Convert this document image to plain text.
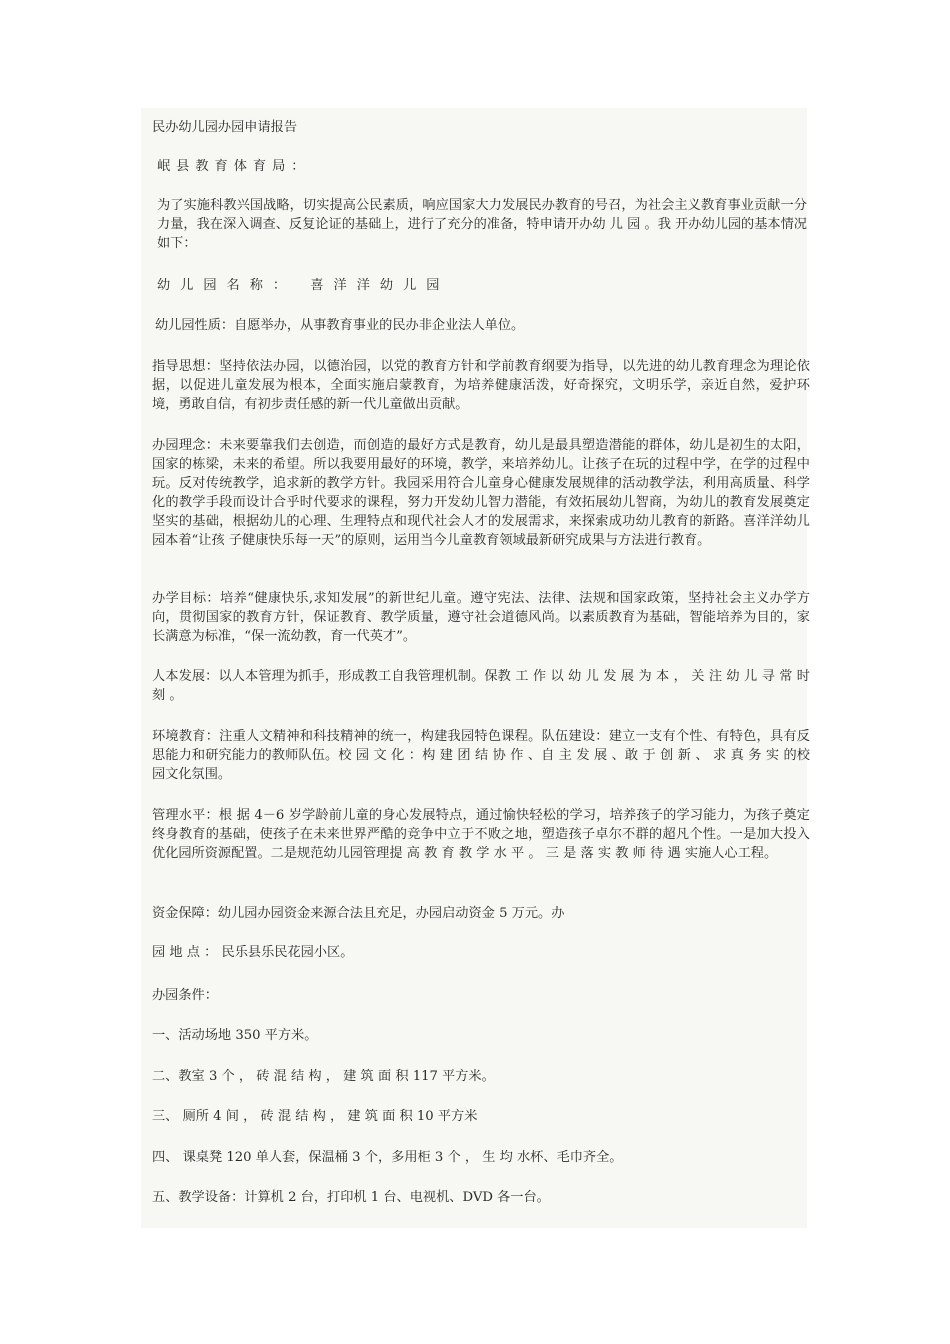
民办幼儿园办园申请报告

岷县教育体育局：

为了实施科教兴国战略，切实提高公民素质，响应国家大力发展民办教育的号召，为社会主义教育事业贡献一分力量，我在深入调查、反复论证的基础上，进行了充分的准备，特申请开办幼 儿 园 。我 开办幼儿园的基本情况如下：

幼儿园名称： 喜洋洋幼儿园

幼儿园性质：自愿举办，从事教育事业的民办非企业法人单位。

指导思想：坚持依法办园，以德治园，以党的教育方针和学前教育纲要为指导，以先进的幼儿教育理念为理论依据，以促进儿童发展为根本，全面实施启蒙教育，为培养健康活泼，好奇探究，文明乐学，亲近自然，爱护环境，勇敢自信，有初步责任感的新一代儿童做出贡献。

办园理念：未来要靠我们去创造，而创造的最好方式是教育，幼儿是最具塑造潜能的群体，幼儿是初生的太阳，国家的栋梁，未来的希望。所以我要用最好的环境，教学，来培养幼儿。让孩子在玩的过程中学，在学的过程中玩。反对传统教学，追求新的教学方针。我园采用符合儿童身心健康发展规律的活动教学法，利用高质量、科学化的教学手段而设计合乎时代要求的课程，努力开发幼儿智力潜能，有效拓展幼儿智商，为幼儿的教育发展奠定坚实的基础，根据幼儿的心理、生理特点和现代社会人才的发展需求，来探索成功幼儿教育的新路。喜洋洋幼儿园本着“让孩 子健康快乐每一天”的原则，运用当今儿童教育领域最新研究成果与方法进行教育。

办学目标：培养“健康快乐,求知发展”的新世纪儿童。遵守宪法、法律、法规和国家政策，坚持社会主义办学方向，贯彻国家的教育方针，保证教育、教学质量，遵守社会道德风尚。以素质教育为基础，智能培养为目的，家长满意为标准，“保一流幼教，育一代英才”。

人本发展：以人本管理为抓手，形成教工自我管理机制。保教 工 作 以 幼 儿 发 展 为 本 ， 关 注 幼 儿 寻 常 时 刻 。

环境教育：注重人文精神和科技精神的统一，构建我园特色课程。队伍建设：建立一支有个性、有特色，具有反思能力和研究能力的教师队伍。校 园 文 化 ：构 建 团 结 协 作 、自 主 发 展 、敢 于 创 新 、 求 真 务 实 的校园文化氛围。

管理水平：根 据 4－6 岁学龄前儿童的身心发展特点，通过愉快轻松的学习，培养孩子的学习能力，为孩子奠定终身教育的基础，使孩子在未来世界严酷的竞争中立于不败之地，塑造孩子卓尔不群的超凡个性。一是加大投入优化园所资源配置。二是规范幼儿园管理提 高 教 育 教 学 水 平 。 三 是 落 实 教 师 待 遇 实施人心工程。

资金保障：幼儿园办园资金来源合法且充足，办园启动资金 5 万元。办

园 地 点 ： 民乐县乐民花园小区。

办园条件：

一、活动场地 350 平方米。

二、教室 3 个 ， 砖 混 结 构 ， 建 筑 面 积 117 平方米。

三、 厕所 4 间 ， 砖 混 结 构 ， 建 筑 面 积 10 平方米

四、 课桌凳 120 单人套，保温桶 3 个，多用柜 3 个 ， 生 均 水杯、毛巾齐全。

五、教学设备：计算机 2 台，打印机 1 台、电视机、DVD 各一台。
